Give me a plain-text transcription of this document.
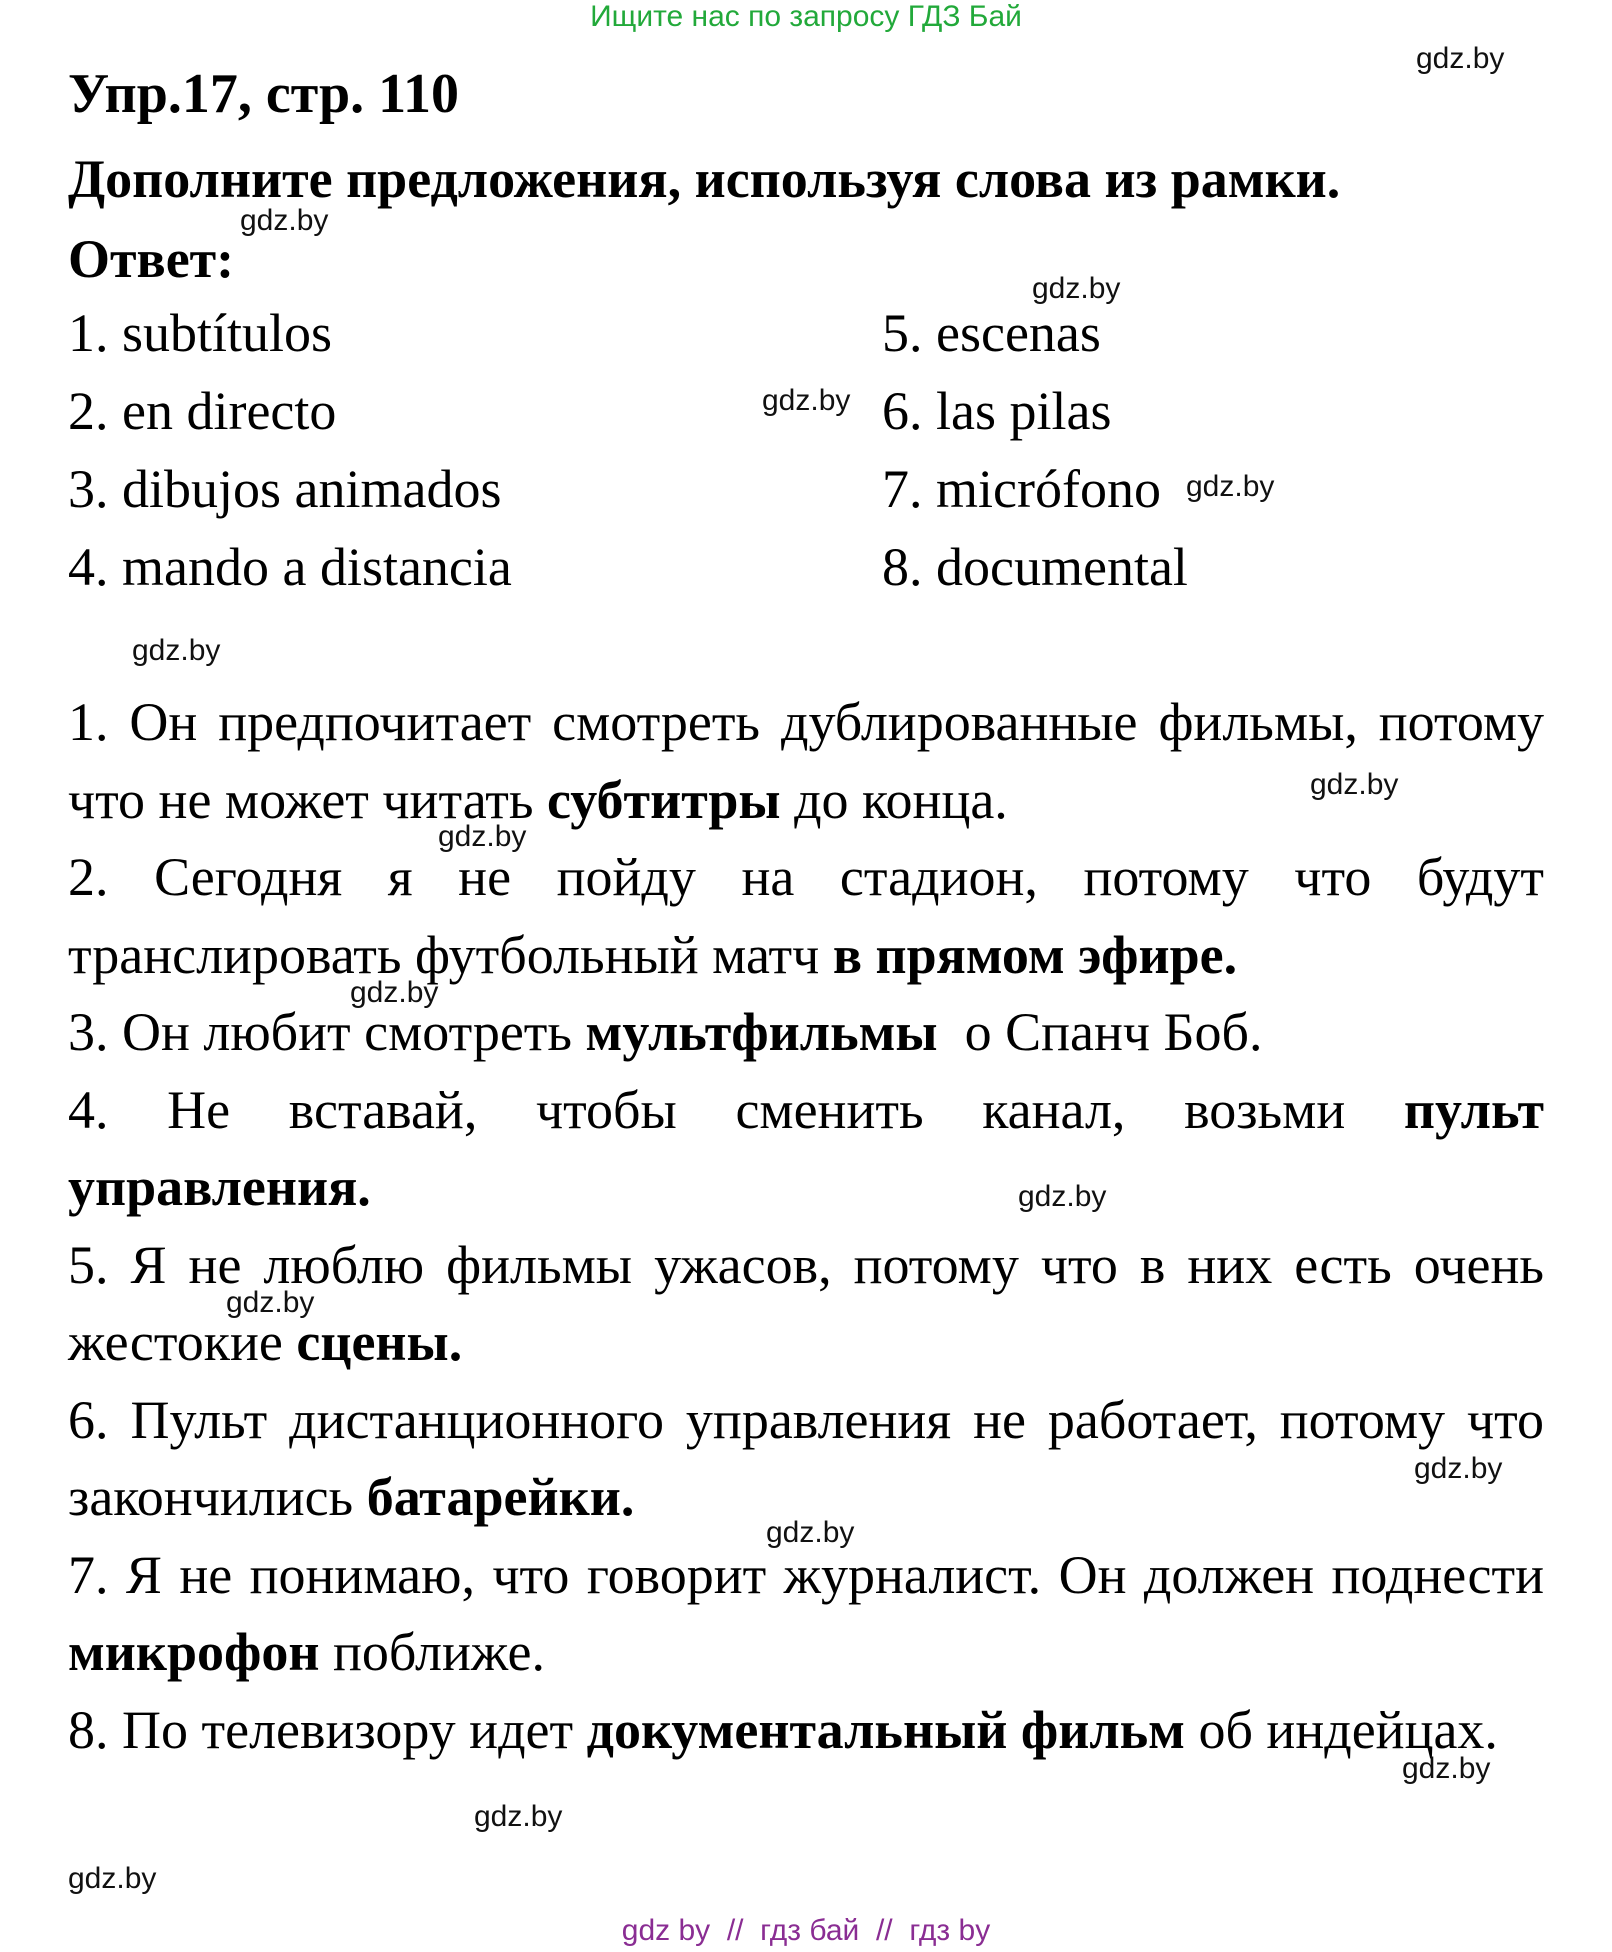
Ищите нас по запросу ГДЗ Бай
Упр.17, стр. 110
Дополните предложения, используя слова из рамки.
Ответ:
1. subtítulos
2. en directo
3. dibujos animados
4. mando a distancia
5. escenas
6. las pilas
7. micrófono
8. documental

1. Он предпочитает смотреть дублированные фильмы, потому что не может читать субтитры до конца.

2. Сегодня я не пойду на стадион, потому что будут транслировать футбольный матч в прямом эфире.

3. Он любит смотреть мультфильмы  о Спанч Боб.

4. Не вставай, чтобы сменить канал, возьми пульт управления.

5. Я не люблю фильмы ужасов, потому что в них есть очень жестокие сцены.

6. Пульт дистанционного управления не работает, потому что закончились батарейки.

7. Я не понимаю, что говорит журналист. Он должен поднести микрофон поближе.

8. По телевизору идет документальный фильм об индейцах.

gdz.by
gdz.by
gdz.by
gdz.by
gdz.by
gdz.by
gdz.by
gdz.by
gdz.by
gdz.by
gdz.by
gdz.by
gdz.by
gdz.by
gdz.by
gdz.by
gdz by  //  гдз бай  //  гдз by
